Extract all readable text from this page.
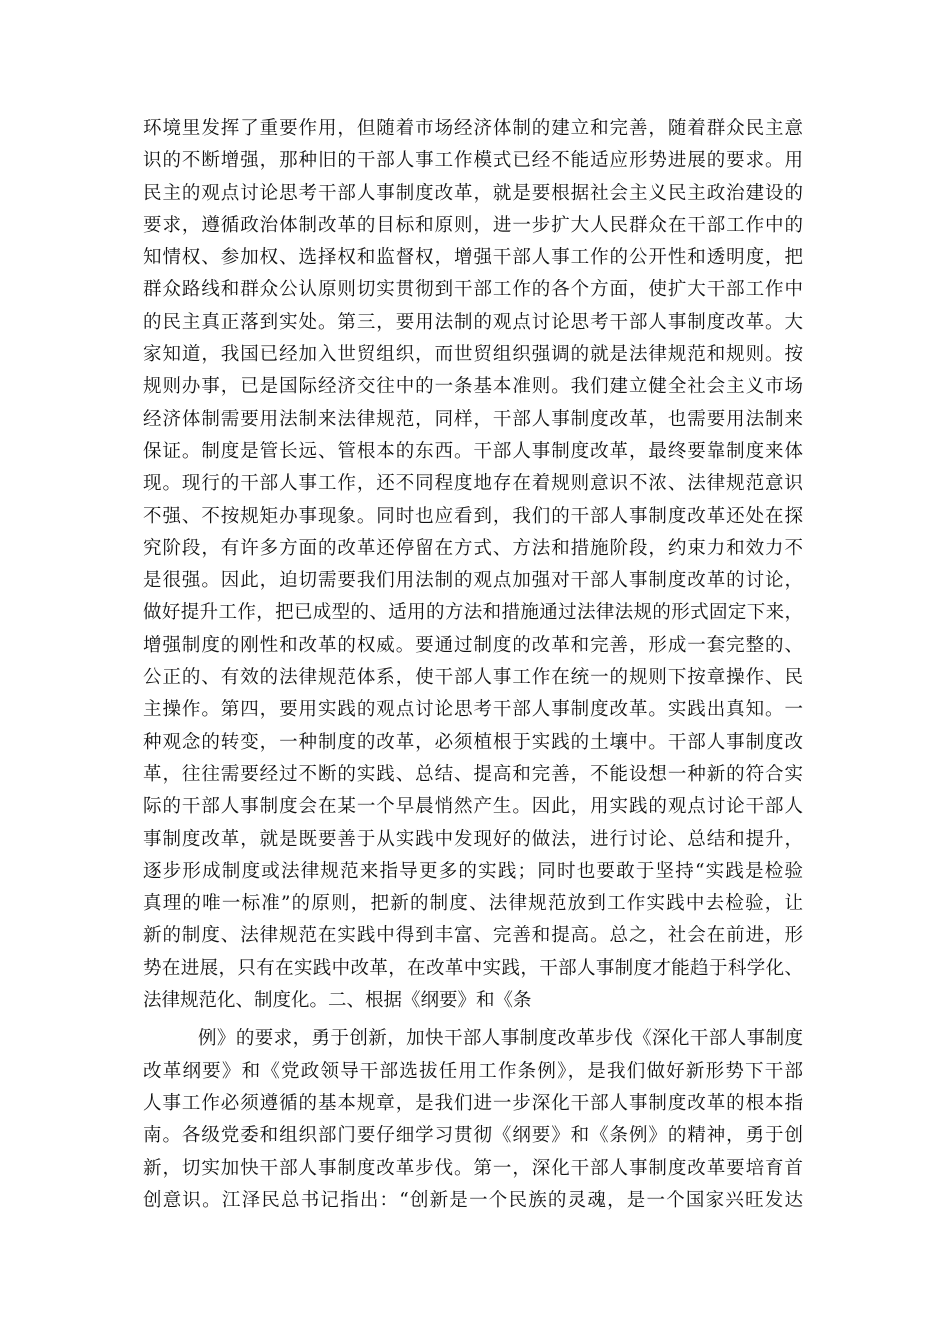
环境里发挥了重要作用，但随着市场经济体制的建立和完善，随着群众民主意
识的不断增强，那种旧的干部人事工作模式已经不能适应形势进展的要求。用
民主的观点讨论思考干部人事制度改革，就是要根据社会主义民主政治建设的
要求，遵循政治体制改革的目标和原则，进一步扩大人民群众在干部工作中的
知情权、参加权、选择权和监督权，增强干部人事工作的公开性和透明度，把
群众路线和群众公认原则切实贯彻到干部工作的各个方面，使扩大干部工作中
的民主真正落到实处。第三，要用法制的观点讨论思考干部人事制度改革。大
家知道，我国已经加入世贸组织，而世贸组织强调的就是法律规范和规则。按
规则办事，已是国际经济交往中的一条基本准则。我们建立健全社会主义市场
经济体制需要用法制来法律规范，同样，干部人事制度改革，也需要用法制来
保证。制度是管长远、管根本的东西。干部人事制度改革，最终要靠制度来体
现。现行的干部人事工作，还不同程度地存在着规则意识不浓、法律规范意识
不强、不按规矩办事现象。同时也应看到，我们的干部人事制度改革还处在探
究阶段，有许多方面的改革还停留在方式、方法和措施阶段，约束力和效力不
是很强。因此，迫切需要我们用法制的观点加强对干部人事制度改革的讨论，
做好提升工作，把已成型的、适用的方法和措施通过法律法规的形式固定下来，
增强制度的刚性和改革的权威。要通过制度的改革和完善，形成一套完整的、
公正的、有效的法律规范体系，使干部人事工作在统一的规则下按章操作、民
主操作。第四，要用实践的观点讨论思考干部人事制度改革。实践出真知。一
种观念的转变，一种制度的改革，必须植根于实践的土壤中。干部人事制度改
革，往往需要经过不断的实践、总结、提高和完善，不能设想一种新的符合实
际的干部人事制度会在某一个早晨悄然产生。因此，用实践的观点讨论干部人
事制度改革，就是既要善于从实践中发现好的做法，进行讨论、总结和提升，
逐步形成制度或法律规范来指导更多的实践；同时也要敢于坚持“实践是检验
真理的唯一标准”的原则，把新的制度、法律规范放到工作实践中去检验，让
新的制度、法律规范在实践中得到丰富、完善和提高。总之，社会在前进，形
势在进展，只有在实践中改革，在改革中实践，干部人事制度才能趋于科学化、
法律规范化、制度化。二、根据《纲要》和《条
例》的要求，勇于创新，加快干部人事制度改革步伐《深化干部人事制度
改革纲要》和《党政领导干部选拔任用工作条例》，是我们做好新形势下干部
人事工作必须遵循的基本规章，是我们进一步深化干部人事制度改革的根本指
南。各级党委和组织部门要仔细学习贯彻《纲要》和《条例》的精神，勇于创
新，切实加快干部人事制度改革步伐。第一，深化干部人事制度改革要培育首
创意识。江泽民总书记指出：“创新是一个民族的灵魂，是一个国家兴旺发达
